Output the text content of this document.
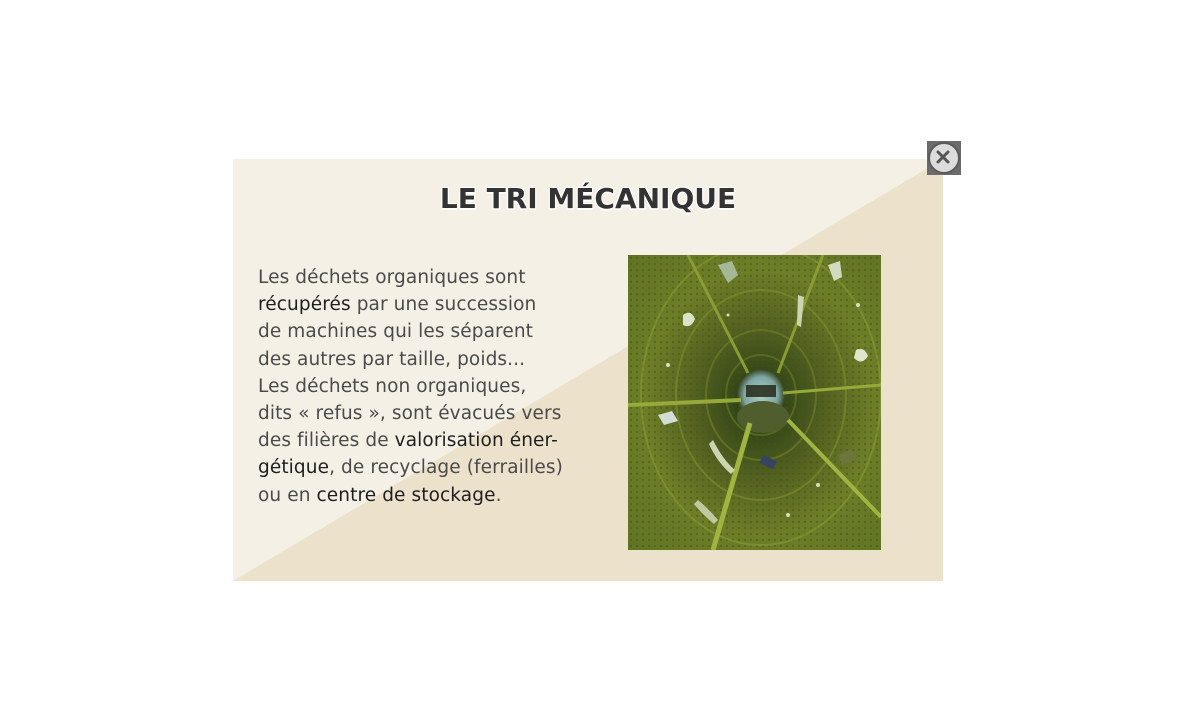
LE TRI MÉCANIQUE
Les déchets organiques sont
récupérés par une succession
de machines qui les séparent
des autres par taille, poids...
Les déchets non organiques,
dits « refus », sont évacués vers
des filières de valorisation éner-
gétique, de recyclage (ferrailles)
ou en centre de stockage.
